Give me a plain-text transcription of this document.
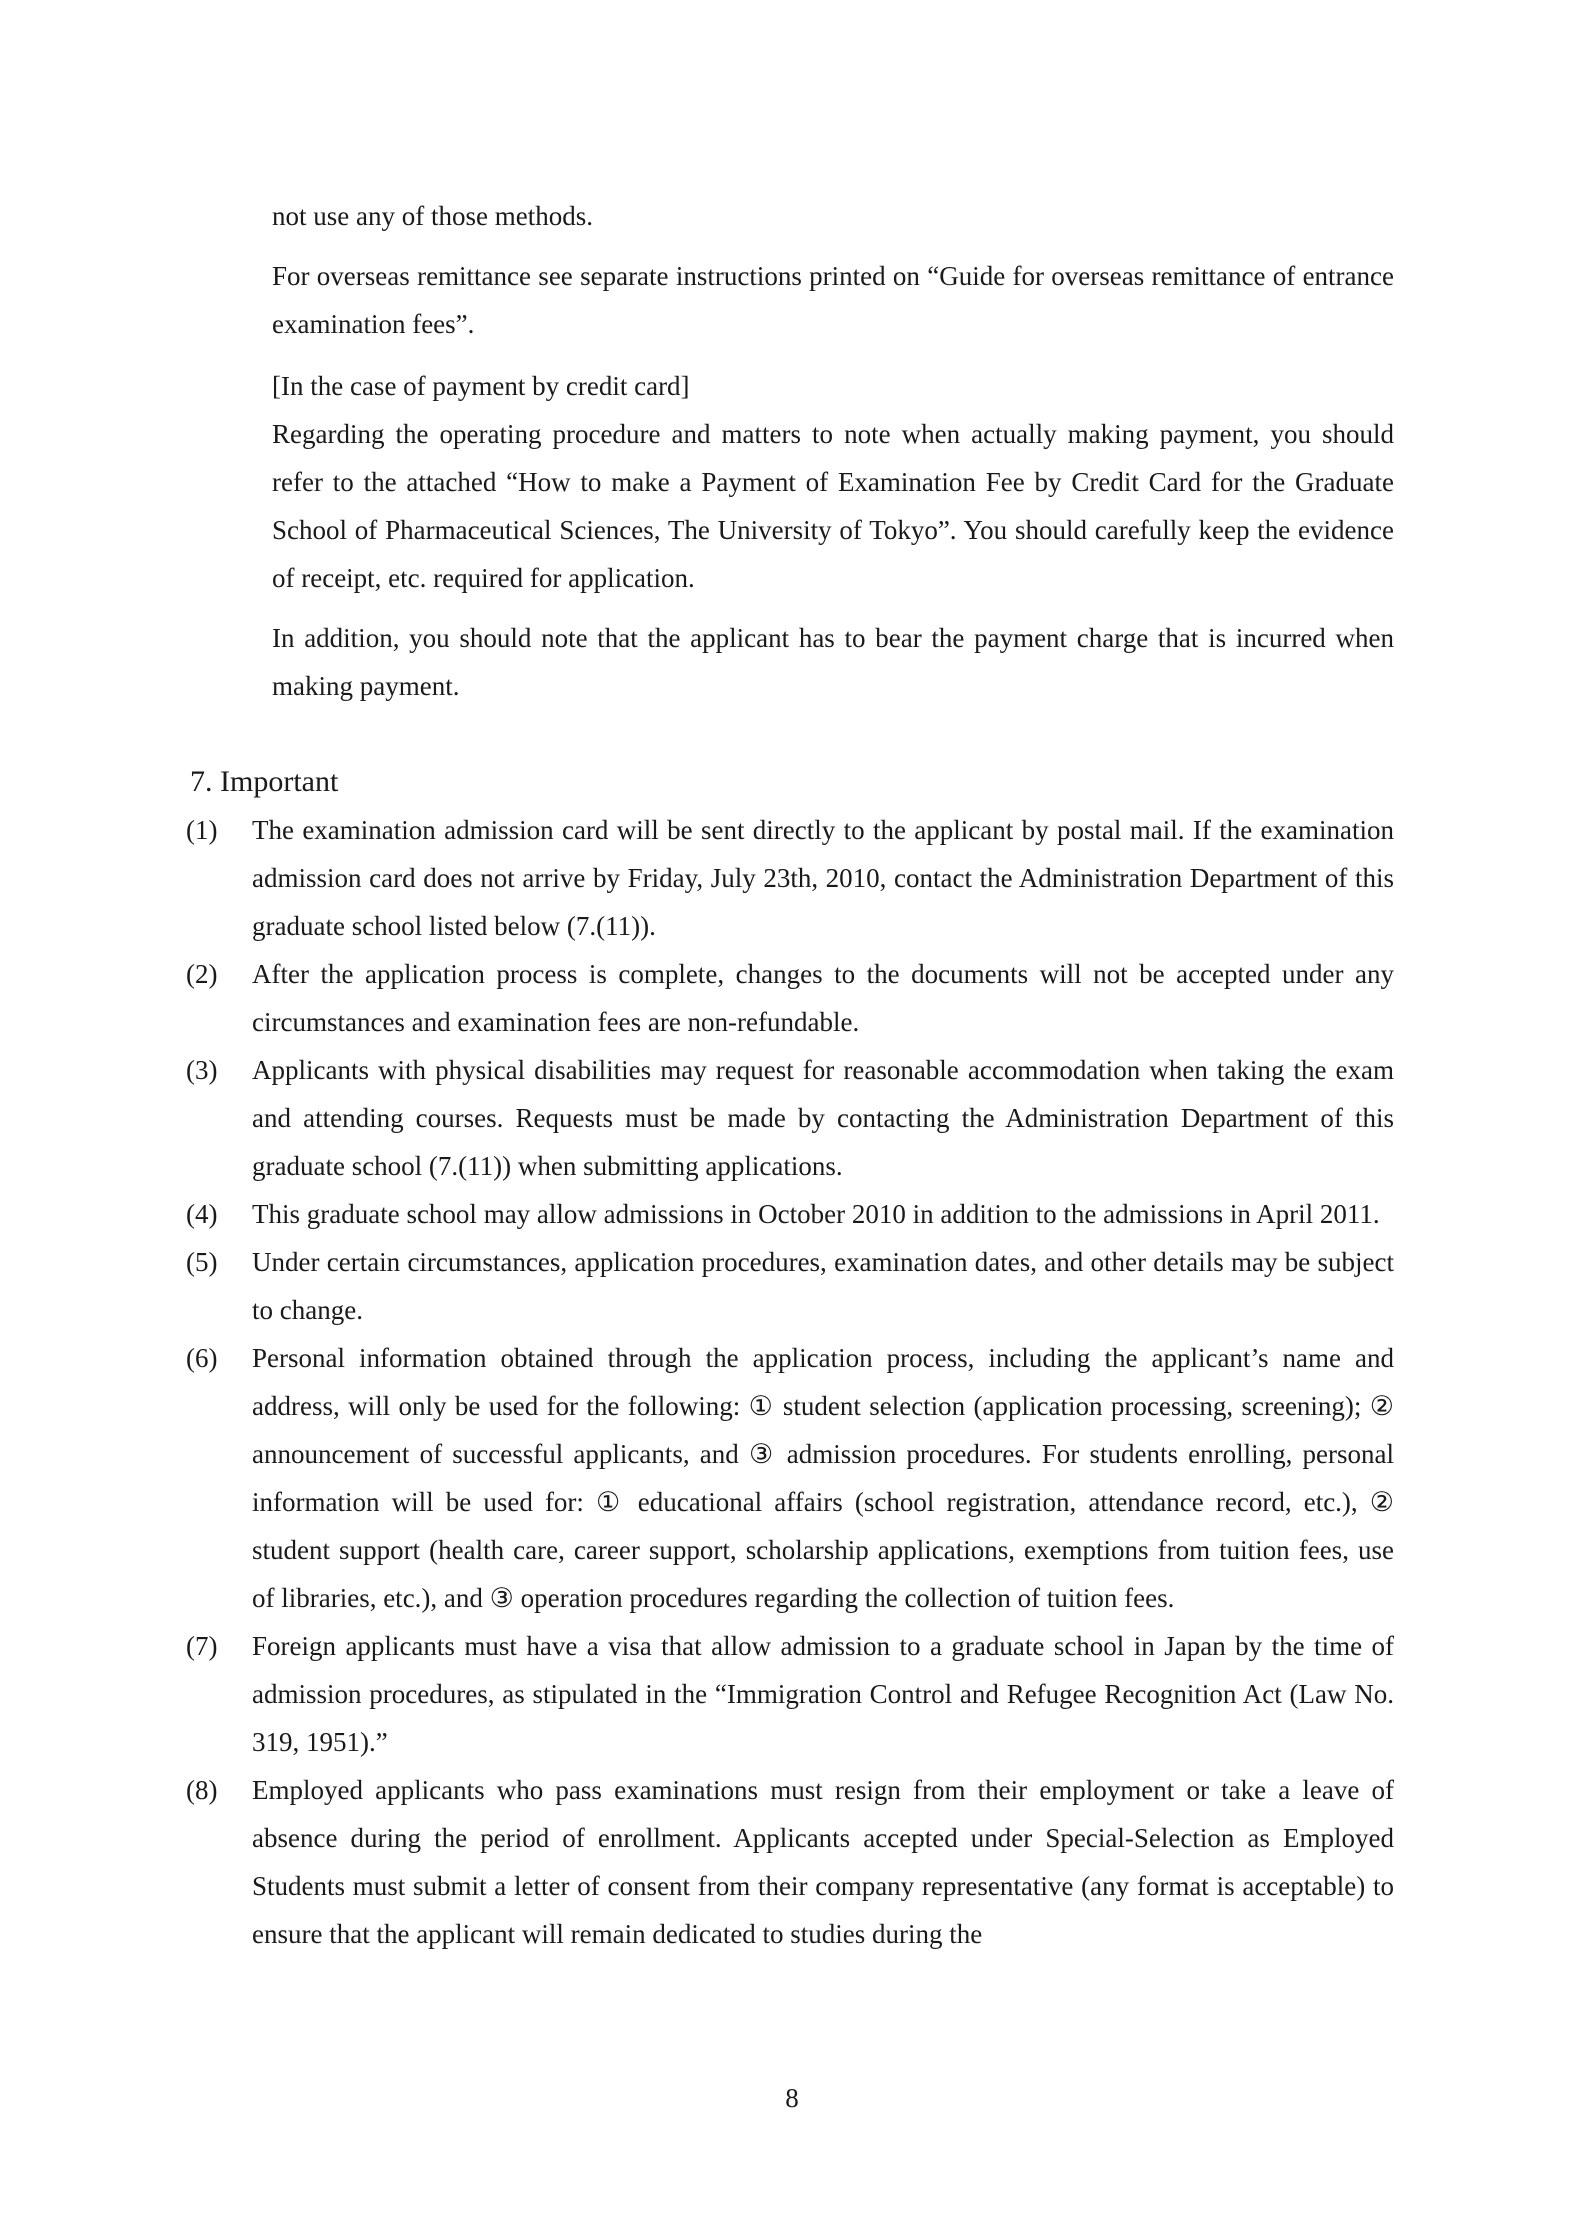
not use any of those methods.
For overseas remittance see separate instructions printed on “Guide for overseas remittance of entrance examination fees”.
[In the case of payment by credit card]
Regarding the operating procedure and matters to note when actually making payment, you should refer to the attached “How to make a Payment of Examination Fee by Credit Card for the Graduate School of Pharmaceutical Sciences, The University of Tokyo”. You should carefully keep the evidence of receipt, etc. required for application.
In addition, you should note that the applicant has to bear the payment charge that is incurred when making payment.
7. Important
(1)	The examination admission card will be sent directly to the applicant by postal mail. If the examination admission card does not arrive by Friday, July 23th, 2010, contact the Administration Department of this graduate school listed below (7.(11)).
(2)	After the application process is complete, changes to the documents will not be accepted under any circumstances and examination fees are non-refundable.
(3)	Applicants with physical disabilities may request for reasonable accommodation when taking the exam and attending courses. Requests must be made by contacting the Administration Department of this graduate school (7.(11)) when submitting applications.
(4)	This graduate school may allow admissions in October 2010 in addition to the admissions in April 2011.
(5)	Under certain circumstances, application procedures, examination dates, and other details may be subject to change.
(6)	Personal information obtained through the application process, including the applicant’s name and address, will only be used for the following: ① student selection (application processing, screening); ② announcement of successful applicants, and ③ admission procedures. For students enrolling, personal information will be used for: ① educational affairs (school registration, attendance record, etc.), ② student support (health care, career support, scholarship applications, exemptions from tuition fees, use of libraries, etc.), and ③ operation procedures regarding the collection of tuition fees.
(7)	Foreign applicants must have a visa that allow admission to a graduate school in Japan by the time of admission procedures, as stipulated in the “Immigration Control and Refugee Recognition Act (Law No. 319, 1951).”
(8)	Employed applicants who pass examinations must resign from their employment or take a leave of absence during the period of enrollment. Applicants accepted under Special-Selection as Employed Students must submit a letter of consent from their company representative (any format is acceptable) to ensure that the applicant will remain dedicated to studies during the
8
